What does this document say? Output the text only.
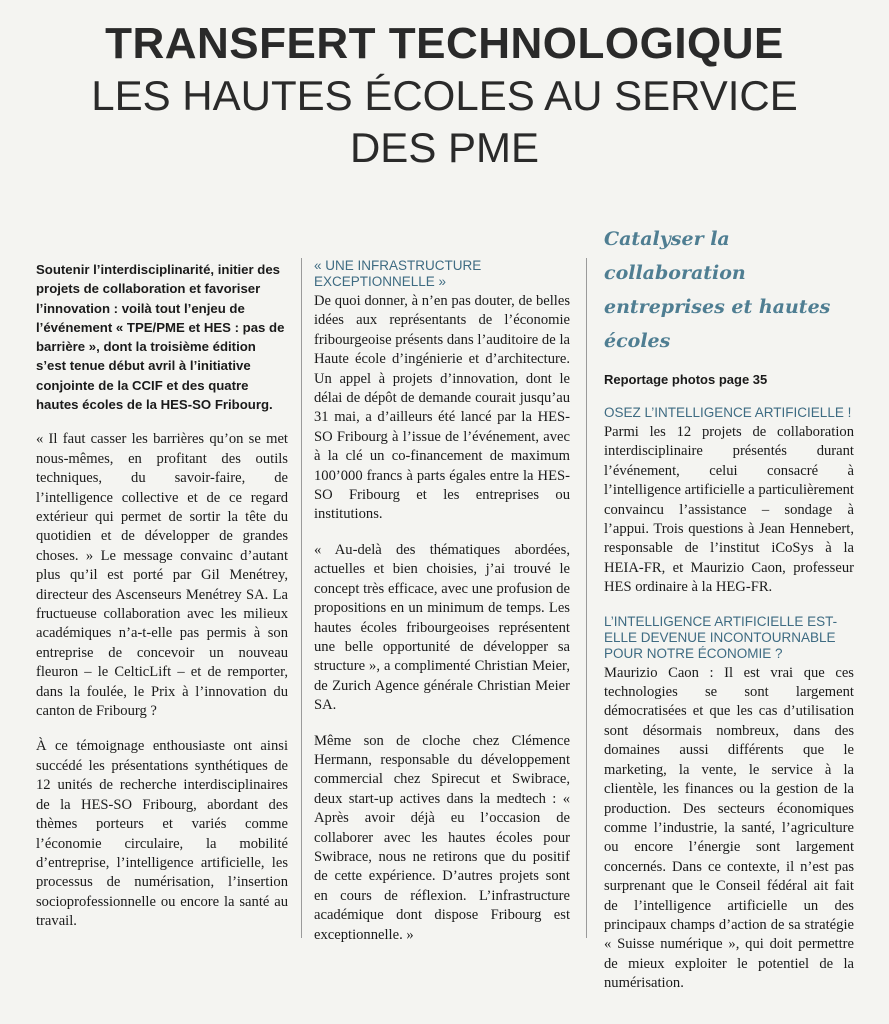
TRANSFERT TECHNOLOGIQUE
LES HAUTES ÉCOLES AU SERVICE
DES PME
Soutenir l’interdisciplinarité, initier des projets de collaboration et favoriser l’innovation : voilà tout l’enjeu de l’événement « TPE/PME et HES : pas de barrière », dont la troisième édition s’est tenue début avril à l’initiative conjointe de la CCIF et des quatre hautes écoles de la HES-SO Fribourg.

« Il faut casser les barrières qu’on se met nous-mêmes, en profitant des outils techniques, du savoir-faire, de l’intelligence collective et de ce regard extérieur qui permet de sortir la tête du quotidien et de développer de grandes choses. » Le message convainc d’autant plus qu’il est porté par Gil Menétrey, directeur des Ascenseurs Menétrey SA. La fructueuse collaboration avec les milieux académiques n’a-t-elle pas permis à son entreprise de concevoir un nouveau fleuron – le CelticLift – et de remporter, dans la foulée, le Prix à l’innovation du canton de Fribourg ?

À ce témoignage enthousiaste ont ainsi succédé les présentations synthétiques de 12 unités de recherche interdisciplinaires de la HES-SO Fribourg, abordant des thèmes porteurs et variés comme l’économie circulaire, la mobilité d’entreprise, l’intelligence artificielle, les processus de numérisation, l’insertion socioprofessionnelle ou encore la santé au travail.

« UNE INFRASTRUCTURE EXCEPTIONNELLE »

De quoi donner, à n’en pas douter, de belles idées aux représentants de l’économie fribourgeoise présents dans l’auditoire de la Haute école d’ingénierie et d’architecture. Un appel à projets d’innovation, dont le délai de dépôt de demande courait jusqu’au 31 mai, a d’ailleurs été lancé par la HES-SO Fribourg à l’issue de l’événement, avec à la clé un co-financement de maximum 100’000 francs à parts égales entre la HES-SO Fribourg et les entreprises ou institutions.

« Au-delà des thématiques abordées, actuelles et bien choisies, j’ai trouvé le concept très efficace, avec une profusion de propositions en un minimum de temps. Les hautes écoles fribourgeoises représentent une belle opportunité de développer sa structure », a complimenté Christian Meier, de Zurich Agence générale Christian Meier SA.

Même son de cloche chez Clémence Hermann, responsable du développement commercial chez Spirecut et Swibrace, deux start-up actives dans la medtech : « Après avoir déjà eu l’occasion de collaborer avec les hautes écoles pour Swibrace, nous ne retirons que du positif de cette expérience. D’autres projets sont en cours de réflexion. L’infrastructure académique dont dispose Fribourg est exceptionnelle. »

Catalyser la collaboration entreprises et hautes écoles
Reportage photos page 35
OSEZ L’INTELLIGENCE ARTIFICIELLE !

Parmi les 12 projets de collaboration interdisciplinaire présentés durant l’événement, celui consacré à l’intelligence artificielle a particulièrement convaincu l’assistance – sondage à l’appui. Trois questions à Jean Hennebert, responsable de l’institut iCoSys à la HEIA-FR, et Maurizio Caon, professeur HES ordinaire à la HEG-FR.

L’INTELLIGENCE ARTIFICIELLE EST-ELLE DEVENUE INCONTOURNABLE POUR NOTRE ÉCONOMIE ?

Maurizio Caon : Il est vrai que ces technologies se sont largement démocratisées et que les cas d’utilisation sont désormais nombreux, dans des domaines aussi différents que le marketing, la vente, le service à la clientèle, les finances ou la gestion de la production. Des secteurs économiques comme l’industrie, la santé, l’agriculture ou encore l’énergie sont largement concernés. Dans ce contexte, il n’est pas surprenant que le Conseil fédéral ait fait de l’intelligence artificielle un des principaux champs d’action de sa stratégie « Suisse numérique », qui doit permettre de mieux exploiter le potentiel de la numérisation.
